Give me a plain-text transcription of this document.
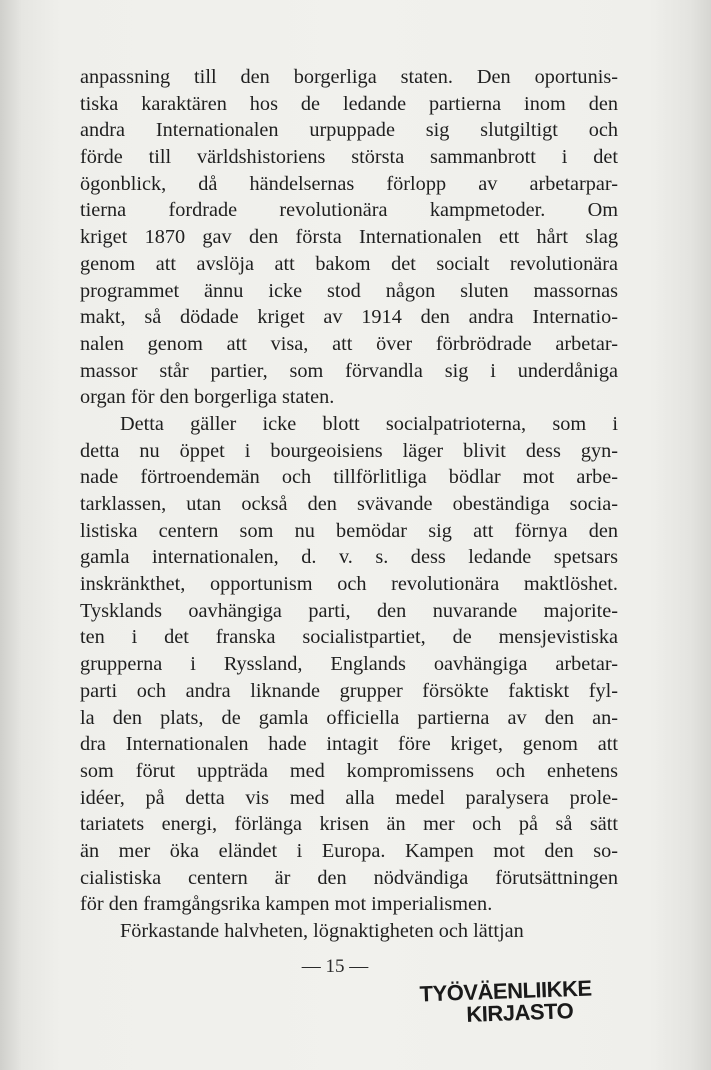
anpassning till den borgerliga staten. Den oportunis-
tiska karaktären hos de ledande partierna inom den
andra Internationalen urpuppade sig slutgiltigt och
förde till världshistoriens största sammanbrott i det
ögonblick, då händelsernas förlopp av arbetarpar-
tierna fordrade revolutionära kampmetoder. Om
kriget 1870 gav den första Internationalen ett hårt slag
genom att avslöja att bakom det socialt revolutionära
programmet ännu icke stod någon sluten massornas
makt, så dödade kriget av 1914 den andra Internatio-
nalen genom att visa, att över förbrödrade arbetar-
massor står partier, som förvandla sig i underdåniga
organ för den borgerliga staten.
Detta gäller icke blott socialpatrioterna, som i
detta nu öppet i bourgeoisiens läger blivit dess gyn-
nade förtroendemän och tillförlitliga bödlar mot arbe-
tarklassen, utan också den svävande obeständiga socia-
listiska centern som nu bemödar sig att förnya den
gamla internationalen, d. v. s. dess ledande spetsars
inskränkthet, opportunism och revolutionära maktlöshet.
Tysklands oavhängiga parti, den nuvarande majorite-
ten i det franska socialistpartiet, de mensjevistiska
grupperna i Ryssland, Englands oavhängiga arbetar-
parti och andra liknande grupper försökte faktiskt fyl-
la den plats, de gamla officiella partierna av den an-
dra Internationalen hade intagit före kriget, genom att
som förut uppträda med kompromissens och enhetens
idéer, på detta vis med alla medel paralysera prole-
tariatets energi, förlänga krisen än mer och på så sätt
än mer öka eländet i Europa. Kampen mot den so-
cialistiska centern är den nödvändiga förutsättningen
för den framgångsrika kampen mot imperialismen.
Förkastande halvheten, lögnaktigheten och lättjan
— 15 —
TYÖVÄENLIIKKE
KIRJASTO
